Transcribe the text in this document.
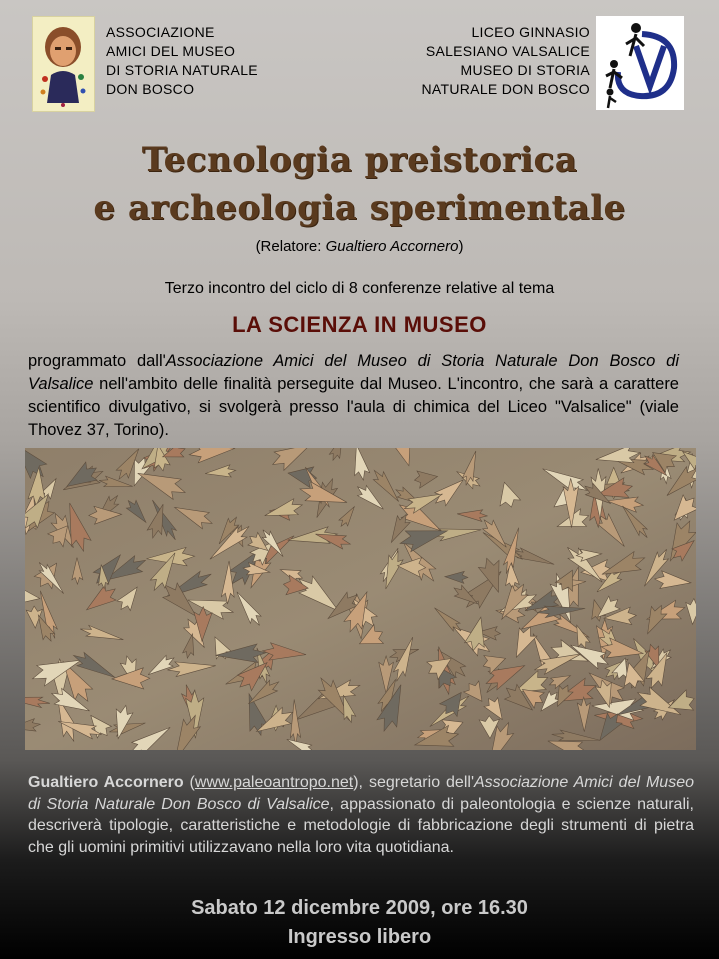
ASSOCIAZIONE
AMICI DEL MUSEO
DI STORIA NATURALE
DON BOSCO
LICEO GINNASIO
SALESIANO VALSALICE
MUSEO DI STORIA
NATURALE DON BOSCO
Tecnologia preistorica
e archeologia sperimentale
(Relatore: Gualtiero Accornero)
Terzo incontro del ciclo di 8 conferenze relative al tema
LA SCIENZA IN MUSEO
programmato dall'Associazione Amici del Museo di Storia Naturale Don Bosco di Valsalice nell'ambito delle finalità perseguite dal Museo. L'incontro, che sarà a carattere scientifico divulgativo, si svolgerà presso l'aula di chimica del Liceo "Valsalice" (viale Thovez 37, Torino).
Gualtiero Accornero (www.paleoantropo.net), segretario dell'Associazione Amici del Museo di Storia Naturale Don Bosco di Valsalice, appassionato di paleontologia e scienze naturali, descriverà tipologie, caratteristiche e metodologie di fabbricazione degli strumenti di pietra che gli uomini primitivi utilizzavano nella loro vita quotidiana.
Sabato 12 dicembre 2009, ore 16.30
Ingresso libero
